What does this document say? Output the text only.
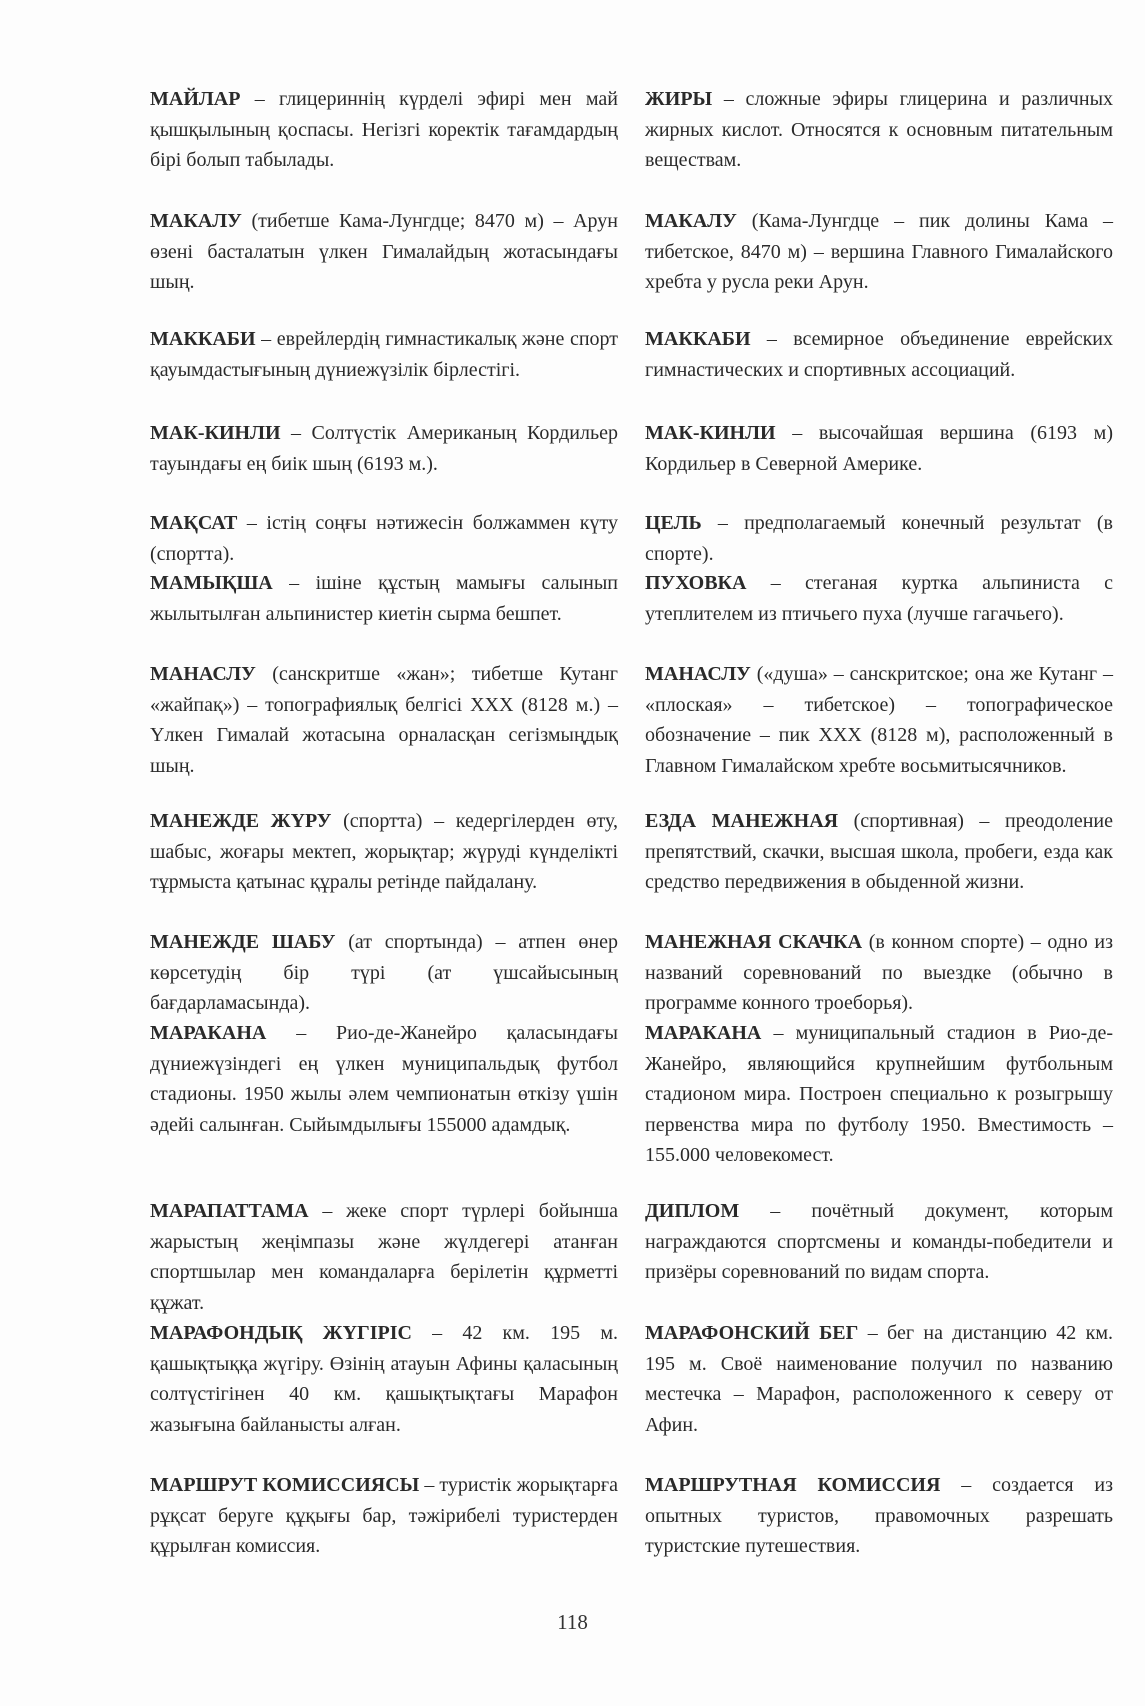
МАЙЛАР – глицериннің күрделі эфирі мен май қышқылының қоспасы. Негізгі коректік тағамдардың бірі болып табылады.

МАКАЛУ (тибетше Кама-Лунгдце; 8470 м) – Арун өзені басталатын үлкен Гималайдың жотасындағы шың.

МАККАБИ – еврейлердің гимнастикалық және спорт қауымдастығының дүниежүзілік бірлестігі.

МАК-КИНЛИ – Солтүстік Американың Кордильер тауындағы ең биік шың (6193 м.).

МАҚСАТ – істің соңғы нәтижесін болжаммен күту (спортта).

МАМЫҚША – ішіне құстың мамығы салынып жылытылған альпинистер киетін сырма бешпет.

МАНАСЛУ (санскритше «жан»; тибетше Кутанг «жайпақ») – топографиялық белгісі XXX (8128 м.) – Үлкен Гималай жотасына орналасқан сегізмыңдық шың.

МАНЕЖДЕ ЖҮРУ (спортта) – кедергілерден өту, шабыс, жоғары мектеп, жорықтар; жүруді күнделікті тұрмыста қатынас құралы ретінде пайдалану.

МАНЕЖДЕ ШАБУ (ат спортында) – атпен өнер көрсетудің бір түрі (ат үшсайысының бағдарламасында).

МАРАКАНА – Рио-де-Жанейро қаласындағы дүниежүзіндегі ең үлкен муниципальдық футбол стадионы. 1950 жылы әлем чемпионатын өткізу үшін әдейі салынған. Сыйымдылығы 155000 адамдық.

МАРАПАТТАМА – жеке спорт түрлері бойынша жарыстың жеңімпазы және жүлдегері атанған спортшылар мен командаларға берілетін құрметті құжат.

МАРАФОНДЫҚ ЖҮГІРІС – 42 км. 195 м. қашықтыққа жүгіру. Өзінің атауын Афины қаласының солтүстігінен 40 км. қашықтықтағы Марафон жазығына байланысты алған.

МАРШРУТ КОМИССИЯСЫ – туристік жорықтарға рұқсат беруге құқығы бар, тәжірибелі туристерден құрылған комиссия.

ЖИРЫ – сложные эфиры глицерина и различных жирных кислот. Относятся к основным питательным веществам.

МАКАЛУ (Кама-Лунгдце – пик долины Кама – тибетское, 8470 м) – вершина Главного Гималайского хребта у русла реки Арун.

МАККАБИ – всемирное объединение еврейских гимнастических и спортивных ассоциаций.

МАК-КИНЛИ – высочайшая вершина (6193 м) Кордильер в Северной Америке.

ЦЕЛЬ – предполагаемый конечный результат (в спорте).

ПУХОВКА – стеганая куртка альпиниста с утеплителем из птичьего пуха (лучше гагачьего).

МАНАСЛУ («душа» – санскритское; она же Кутанг – «плоская» – тибетское) – топографическое обозначение – пик XXX (8128 м), расположенный в Главном Гималайском хребте восьмитысячников.

ЕЗДА МАНЕЖНАЯ (спортивная) – преодоление препятствий, скачки, высшая школа, пробеги, езда как средство передвижения в обыденной жизни.

МАНЕЖНАЯ СКАЧКА (в конном спорте) – одно из названий соревнований по выездке (обычно в программе конного троеборья).

МАРАКАНА – муниципальный стадион в Рио-де-Жанейро, являющийся крупнейшим футбольным стадионом мира. Построен специально к розыгрышу первенства мира по футболу 1950. Вместимость – 155.000 человекомест.

ДИПЛОМ – почётный документ, которым награждаются спортсмены и команды-победители и призёры соревнований по видам спорта.

МАРАФОНСКИЙ БЕГ – бег на дистанцию 42 км. 195 м. Своё наименование получил по названию местечка – Марафон, расположенного к северу от Афин.

МАРШРУТНАЯ КОМИССИЯ – создается из опытных туристов, правомочных разрешать туристские путешествия.

118
